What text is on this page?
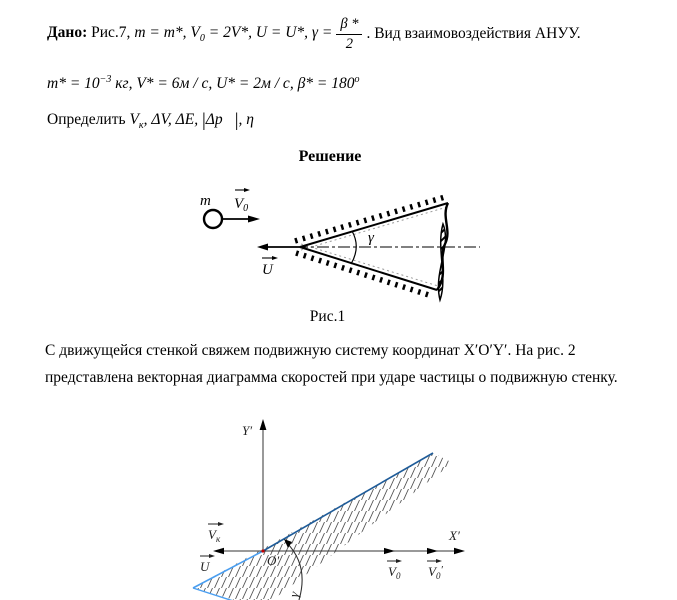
Дано: Рис.7, m = m*, $V_0 = 2V*$, U = U*, $\gamma = \frac{\beta *}{2}$ . Вид взаимовоздействия АНУУ.
$m* = 10^{-3}$ кг, V* = 6м / с, U* = 2м / с, $\beta* = 180^o$
Определить $V_к$, ΔV, ΔE, |Δp⃗|, η
Решение
m $V_0$
γ
U
Рис.1
С движущейся стенкой свяжем подвижную систему координат X′O′Y′. На рис. 2 представлена векторная диаграмма скоростей при ударе частицы о подвижную стенку.
Y′
X′
O′
$V_к$
U	$V_0$ $V_0'$
γ
